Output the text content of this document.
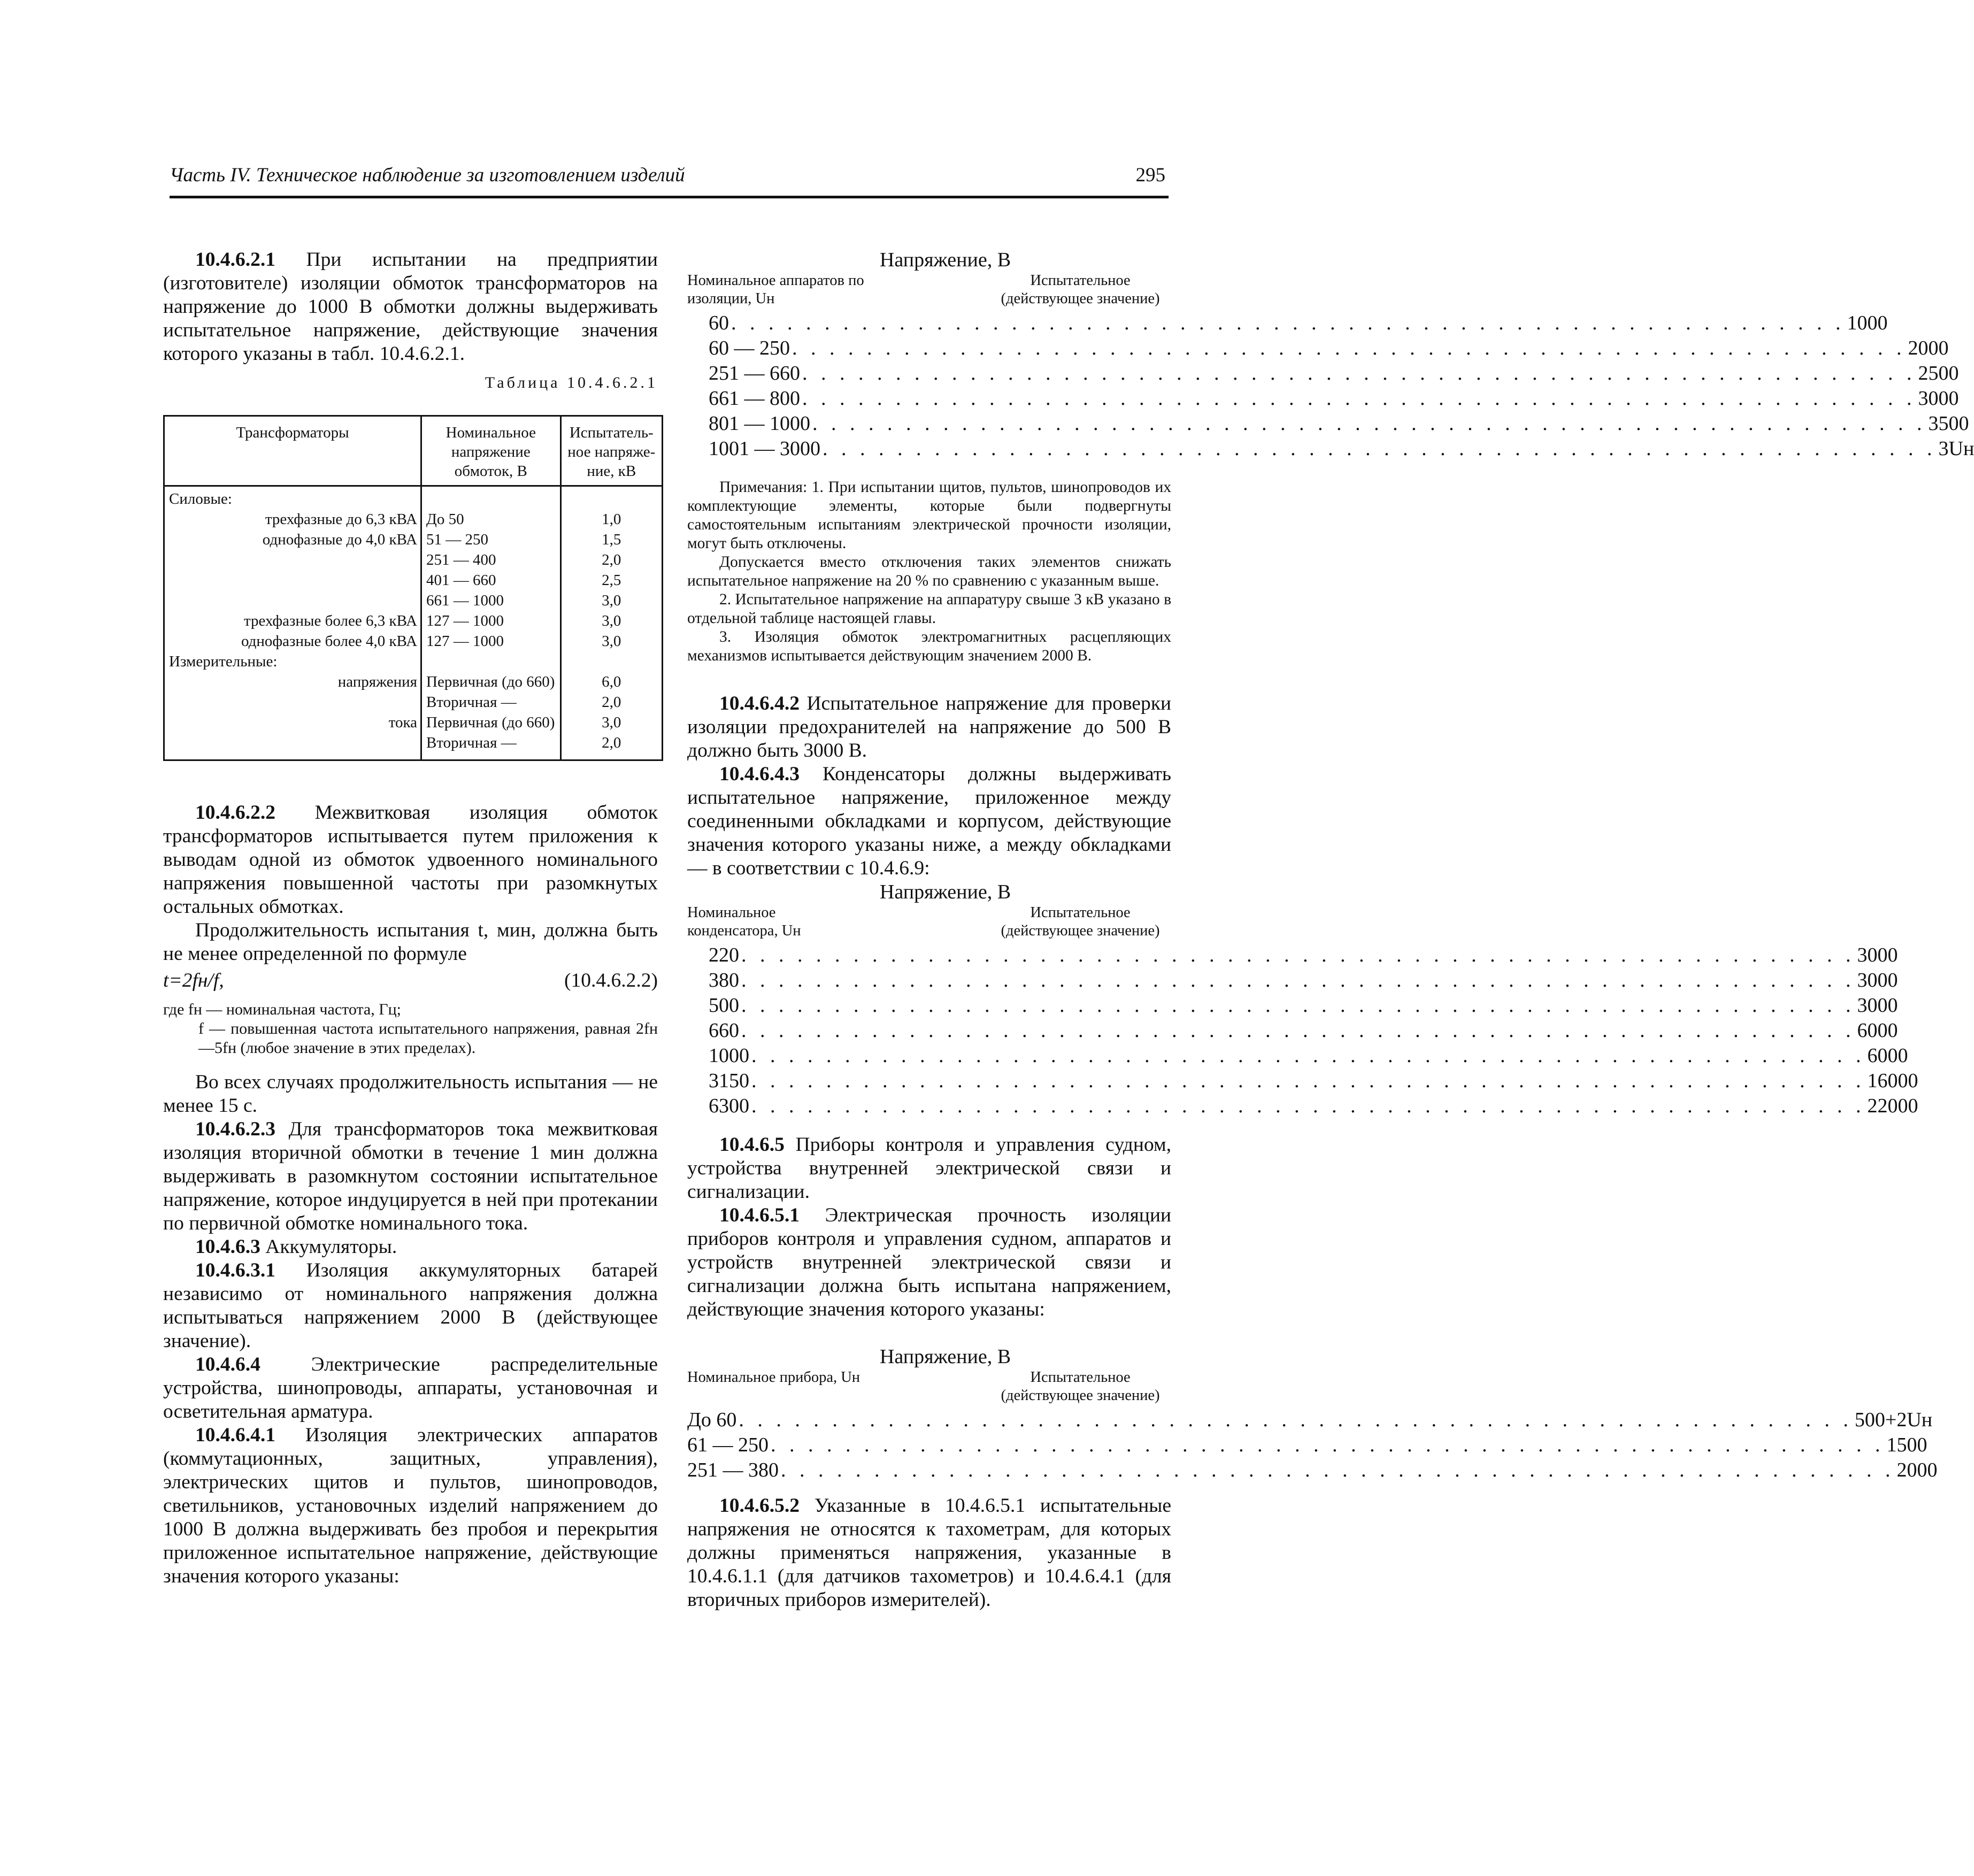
Часть IV. Техническое наблюдение за изготовлением изделий	295

10.4.6.2.1 При испытании на предприятии (изготовителе) изоляции обмоток трансформаторов на напряжение до 1000 В обмотки должны выдерживать испытательное напряжение, действующие значения которого указаны в табл. 10.4.6.2.1.

Таблица 10.4.6.2.1

Трансформаторы	Номинальное напряжение обмоток, В	Испытатель-ное напряже-ние, кВ
Силовые:		
трехфазные до 6,3 кВА	До 50	1,0
однофазные до 4,0 кВА	51 — 250	1,5
	251 — 400	2,0
	401 — 660	2,5
	661 — 1000	3,0
трехфазные более 6,3 кВА	127 — 1000	3,0
однофазные более 4,0 кВА	127 — 1000	3,0
Измерительные:		
напряжения	Первичная (до 660)	6,0
	Вторичная —	2,0
тока	Первичная (до 660)	3,0
	Вторичная —	2,0

10.4.6.2.2 Межвитковая изоляция обмоток трансформаторов испытывается путем приложения к выводам одной из обмоток удвоенного номинального напряжения повышенной частоты при разомкнутых остальных обмотках.

Продолжительность испытания t, мин, должна быть не менее определенной по формуле

t=2fн/f,	(10.4.6.2.2)
где fн — номинальная частота, Гц;
f — повышенная частота испытательного напряжения, равная 2fн—5fн (любое значение в этих пределах).

Во всех случаях продолжительность испытания — не менее 15 с.

10.4.6.2.3 Для трансформаторов тока межвитковая изоляция вторичной обмотки в течение 1 мин должна выдерживать в разомкнутом состоянии испытательное напряжение, которое индуцируется в ней при протекании по первичной обмотке номинального тока.

10.4.6.3 Аккумуляторы.

10.4.6.3.1 Изоляция аккумуляторных батарей независимо от номинального напряжения должна испытываться напряжением 2000 В (действующее значение).

10.4.6.4 Электрические распределительные устройства, шинопроводы, аппараты, установочная и осветительная арматура.

10.4.6.4.1 Изоляция электрических аппаратов (коммутационных, защитных, управления), электрических щитов и пультов, шинопроводов, светильников, установочных изделий напряжением до 1000 В должна выдерживать без пробоя и перекрытия приложенное испытательное напряжение, действующие значения которого указаны:

Напряжение, В

Номинальное аппаратов по изоляции, Uн
Испытательное (действующее значение)
60 . . . . . . . . . . . . . . . . . . . . . . . . . . . . . . . . . . . . . . . . . . . . . . . . . . . . . . . . . . . . 1000
60 — 250 . . . . . . . . . . . . . . . . . . . . . . . . . . . . . . . . . . . . . . . . . . . . . . . . . . . . . . . . . . . . 2000
251 — 660 . . . . . . . . . . . . . . . . . . . . . . . . . . . . . . . . . . . . . . . . . . . . . . . . . . . . . . . . . . . . 2500
661 — 800 . . . . . . . . . . . . . . . . . . . . . . . . . . . . . . . . . . . . . . . . . . . . . . . . . . . . . . . . . . . . 3000
801 — 1000 . . . . . . . . . . . . . . . . . . . . . . . . . . . . . . . . . . . . . . . . . . . . . . . . . . . . . . . . . . . . 3500
1001 — 3000 . . . . . . . . . . . . . . . . . . . . . . . . . . . . . . . . . . . . . . . . . . . . . . . . . . . . . . . . . . . . 3Uн

Примечания: 1. При испытании щитов, пультов, шинопроводов их комплектующие элементы, которые были подвергнуты самостоятельным испытаниям электрической прочности изоляции, могут быть отключены.

Допускается вместо отключения таких элементов снижать испытательное напряжение на 20 % по сравнению с указанным выше.

2. Испытательное напряжение на аппаратуру свыше 3 кВ указано в отдельной таблице настоящей главы.

3. Изоляция обмоток электромагнитных расцепляющих механизмов испытывается действующим значением 2000 В.

10.4.6.4.2 Испытательное напряжение для проверки изоляции предохранителей на напряжение до 500 В должно быть 3000 В.

10.4.6.4.3 Конденсаторы должны выдерживать испытательное напряжение, приложенное между соединенными обкладками и корпусом, действующие значения которого указаны ниже, а между обкладками — в соответствии с 10.4.6.9:

Напряжение, В

Номинальное конденсатора, Uн
Испытательное (действующее значение)
220 . . . . . . . . . . . . . . . . . . . . . . . . . . . . . . . . . . . . . . . . . . . . . . . . . . . . . . . . . . . . 3000
380 . . . . . . . . . . . . . . . . . . . . . . . . . . . . . . . . . . . . . . . . . . . . . . . . . . . . . . . . . . . . 3000
500 . . . . . . . . . . . . . . . . . . . . . . . . . . . . . . . . . . . . . . . . . . . . . . . . . . . . . . . . . . . . 3000
660 . . . . . . . . . . . . . . . . . . . . . . . . . . . . . . . . . . . . . . . . . . . . . . . . . . . . . . . . . . . . 6000
1000 . . . . . . . . . . . . . . . . . . . . . . . . . . . . . . . . . . . . . . . . . . . . . . . . . . . . . . . . . . . . 6000
3150 . . . . . . . . . . . . . . . . . . . . . . . . . . . . . . . . . . . . . . . . . . . . . . . . . . . . . . . . . . . . 16000
6300 . . . . . . . . . . . . . . . . . . . . . . . . . . . . . . . . . . . . . . . . . . . . . . . . . . . . . . . . . . . . 22000

10.4.6.5 Приборы контроля и управления судном, устройства внутренней электрической связи и сигнализации.

10.4.6.5.1 Электрическая прочность изоляции приборов контроля и управления судном, аппаратов и устройств внутренней электрической связи и сигнализации должна быть испытана напряжением, действующие значения которого указаны:

Напряжение, В

Номинальное прибора, Uн	Испытательное (действующее значение)
До 60 . . . . . . . . . . . . . . . . . . . . . . . . . . . . . . . . . . . . . . . . . . . . . . . . . . . . . . . . . . . . 500+2Uн
61 — 250 . . . . . . . . . . . . . . . . . . . . . . . . . . . . . . . . . . . . . . . . . . . . . . . . . . . . . . . . . . . . 1500
251 — 380 . . . . . . . . . . . . . . . . . . . . . . . . . . . . . . . . . . . . . . . . . . . . . . . . . . . . . . . . . . . . 2000

10.4.6.5.2 Указанные в 10.4.6.5.1 испытательные напряжения не относятся к тахометрам, для которых должны применяться напряжения, указанные в 10.4.6.1.1 (для датчиков тахометров) и 10.4.6.4.1 (для вторичных приборов измерителей).
